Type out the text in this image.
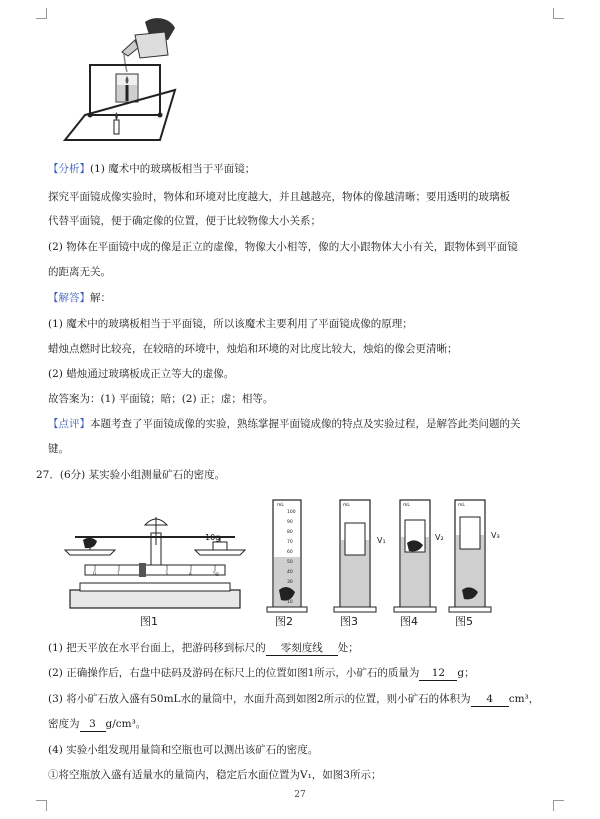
【分析】(1) 魔术中的玻璃板相当于平面镜；
探究平面镜成像实验时，物体和环境对比度越大，并且越越亮，物体的像越清晰；要用透明的玻璃板
代替平面镜，便于确定像的位置，便于比较物像大小关系；
(2) 物体在平面镜中成的像是正立的虚像，物像大小相等，像的大小跟物体大小有关，跟物体到平面镜
的距离无关。
【解答】解：
(1) 魔术中的玻璃板相当于平面镜，所以该魔术主要利用了平面镜成像的原理；
蜡烛点燃时比较亮，在较暗的环境中，烛焰和环境的对比度比较大，烛焰的像会更清晰；
(2) 蜡烛通过玻璃板成正立等大的虚像。
故答案为：(1) 平面镜；暗；(2) 正；虚；相等。
【点评】本题考查了平面镜成像的实验，熟练掌握平面镜成像的特点及实验过程，是解答此类问题的关
键。
27．(6分) 某实验小组测量矿石的密度。
0	1	3	4	5g
10g
图1
mL
100
90
80
70
60
50
40
30
20
10
图2
mL
V₁
图3
mL
V₂
图4
mL
V₃
图5
(1) 把天平放在水平台面上，把游码移到标尺的 零刻度线 处；
(2) 正确操作后，右盘中砝码及游码在标尺上的位置如图1所示，小矿石的质量为 12 g；
(3) 将小矿石放入盛有50mL水的量筒中，水面升高到如图2所示的位置，则小矿石的体积为 4 cm³，
密度为 3 g/cm³。
(4) 实验小组发现用量筒和空瓶也可以测出该矿石的密度。
①将空瓶放入盛有适量水的量筒内，稳定后水面位置为V₁，如图3所示；
27
